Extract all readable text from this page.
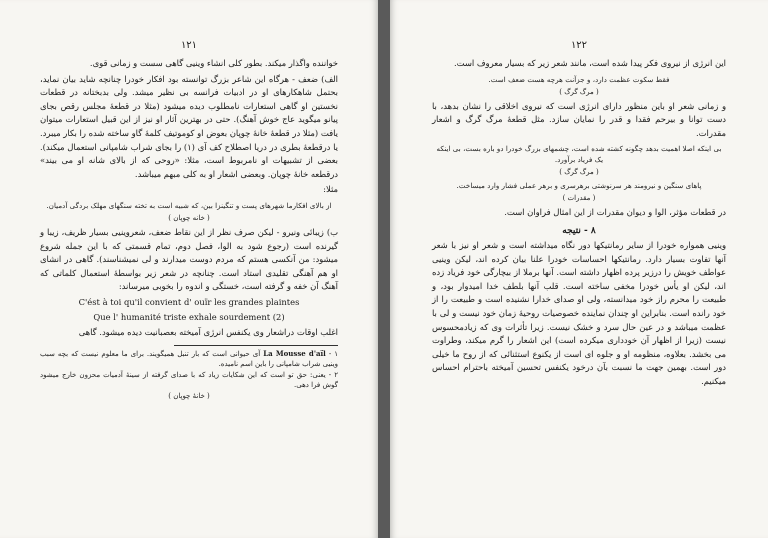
١٢١

خواننده واگذار میکند. بطور کلی انشاء وینیی گاهی سست و زمانی قوی.

الف) ضعف - هرگاه این شاعر بزرگ توانسته بود افکار خودرا چنانچه شاید بیان نماید، بحتمل شاهکارهای او در ادبیات فرانسه بی نظیر میشد. ولی بدبختانه در قطعات نخستین او گاهی استعارات نامطلوب دیده میشود (مثلا در قطعهٔ مجلس رقص بجای پیانو میگوید عاج خوش آهنگ). حتی در بهترین آثار او نیز از این قبیل استعارات میتوان یافت (مثلا در قطعهٔ خانهٔ چوپان بعوض او کوموتیف کلمهٔ گاو ساخته شده را بکار میبرد. یا درقطعهٔ بطری در دریا اصطلاح کف آی (۱) را بجای شراب شامپانی استعمال میکند). بعضی از تشبیهات او نامربوط است، مثلا: «روحی که از بالای شانه او می بیند» درقطعه خانهٔ چوپان. وبعضی اشعار او به کلی مبهم میباشد.

مثلا:

از بالای افکارما شهرهای پست و تنگینزا بین، که شبیه است به تخته سنگهای مهلک بردگی آدمیان.

( خانه چوپان )

ب) زیبائی ونیرو - لیکن صرف نظر از این نقاط ضعف، شعروینیی بسیار ظریف، زیبا و گیرنده است (رجوع شود به الوا، فصل دوم، تمام قسمتی که با این جمله شروع میشود: من آنکسی هستم که مردم دوست میدارند و لی نمیشناسند). گاهی در انشای او هم آهنگی تقلیدی استاد است. چنانچه در شعر زیر بواسطهٔ استعمال کلماتی که آهنگ آن خفه و گرفته است، خستگی و اندوه را بخوبی میرساند:

C'ést à toi qu'il convient d' ouïr les grandes plaintes

Que l' humanité triste exhale sourdement (2)

اغلب اوقات دراشعار وی یکنفس انرژی آمیخته بعصبانیت دیده میشود. گاهی

۱ - La Mousse d'aïl آی حیوانی است که بار تنبل همیگویند. برای ما معلوم نیست که بچه سبب وینیی شراب شامپانی را باین اسم نامیده.

۲ - یعنی: حق تو است که این شکایات زیاد که با صدای گرفته از سینهٔ آدمیات محزون خارج میشود گوش فرا دهی.

( خانهٔ چوپان )

١٢٢

این انرژی از نیروی فکر پیدا شده است، مانند شعر زیر که بسیار معروف است.

فقط سکوت عظمت دارد، و جزآنت هرچه هست ضعف است.

( مرگ گرگ )

و زمانی شعر او باین منظور دارای انرژی است که نیروی اخلاقی را نشان بدهد، با دست توانا و بیرحم فقدا و قدر را نمایان سازد. مثل قطعهٔ مرگ گرگ و اشعار مقدرات.

بی اینکه اصلا اهمیت بدهد چگونه کشته شده است، چشمهای بزرگ خودرا دو باره بست، بی اینکه یک فریاد برآورد.

( مرگ گرگ )

پاهای سنگین و نیرومند هر سرنوشتی برهرسری و برهر عملی فشار وارد میساخت.

( مقدرات )

در قطعات مؤثر، الوا و دیوان مقدرات از این امثال فراوان است.

۸ - نتیجه

وینیی همواره خودرا از سایر رمانتیکها دور نگاه میداشته است و شعر او نیز با شعر آنها تفاوت بسیار دارد. رمانتیکها احساسات خودرا علنا بیان کرده اند، لیکن وینیی عواطف خویش را درزیر پرده اظهار داشته است. آنها برملا از بیچارگی خود فریاد زده اند، لیکن او یأس خودرا مخفی ساخته است. قلب آنها بلطف خدا امیدوار بود، و طبیعت را محرم راز خود میدانسته، ولی او صدای خدارا نشنیده است و طبیعت را از خود رانده است. بنابراین او چندان نماینده خصوصیات روحیهٔ زمان خود نیست و لی با عظمت میباشد و در عین حال سرد و خشک نیست. زیرا تأثرات وی که زیادمحسوس نیست (زیرا از اظهار آن خودداری میکرده است) این اشعار را گرم میکند، وطراوت می بخشد. بعلاوه، منظومه او و جلوه ای است از یکنوع استثنائی که از روح ما خیلی دور است. بهمین جهت ما نسبت بآن درخود یکنفس تحسین آمیخته باحترام احساس میکنیم.
